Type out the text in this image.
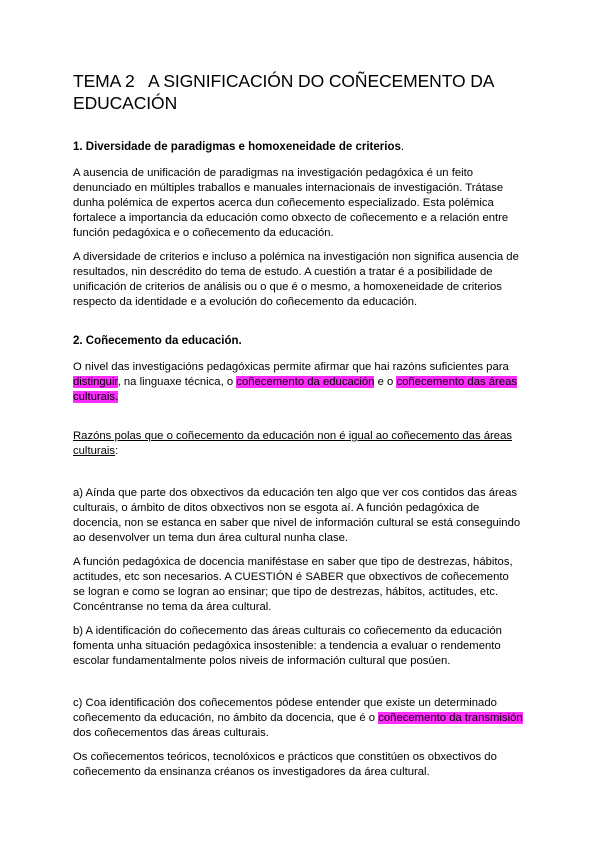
TEMA 2   A SIGNIFICACIÓN DO COÑECEMENTO DA EDUCACIÓN
1. Diversidade de paradigmas e homoxeneidade de criterios.

A ausencia de unificación de paradigmas na investigación pedagóxica é un feito denunciado en múltiples traballos e manuales internacionais de investigación. Trátase dunha polémica de expertos acerca dun coñecemento especializado. Esta polémica fortalece a importancia da educación como obxecto de coñecemento e a relación entre función pedagóxica e o coñecemento da educación.

A diversidade de criterios e incluso a polémica na investigación non significa ausencia de resultados, nin descrédito do tema de estudo. A cuestión a tratar é a posibilidade de unificación de criterios de análisis ou o que é o mesmo, a homoxeneidade de criterios respecto da identidade e a evolución do coñecemento da educación.

2. Coñecemento da educación.

O nivel das investigacións pedagóxicas permite afirmar que hai razóns suficientes para distinguir, na linguaxe técnica, o coñecemento da educación e o coñecemento das áreas culturais.

Razóns polas que o coñecemento da educación non é igual ao coñecemento das áreas culturais:

a) Aínda que parte dos obxectivos da educación ten algo que ver cos contidos das áreas culturais, o ámbito de ditos obxectivos non se esgota aí. A función pedagóxica de docencia, non se estanca en saber que nivel de información cultural se está conseguindo ao desenvolver un tema dun área cultural nunha clase.

A función pedagóxica de docencia maniféstase en saber que tipo de destrezas, hábitos, actitudes, etc son necesarios. A CUESTIÓN é SABER que obxectivos de coñecemento se logran e como se logran ao ensinar; que tipo de destrezas, hábitos, actitudes, etc. Concéntranse no tema da área cultural.

b) A identificación do coñecemento das áreas culturais co coñecemento da educación fomenta unha situación pedagóxica insostenible: a tendencia a evaluar o rendemento escolar fundamentalmente polos niveis de información cultural que posúen.

c) Coa identificación dos coñecementos pódese entender que existe un determinado coñecemento da educación, no ámbito da docencia, que é o coñecemento da transmisión dos coñecementos das áreas culturais.

Os coñecementos teóricos, tecnolóxicos e prácticos que constitúen os obxectivos do coñecemento da ensinanza créanos os investigadores da área cultural.
